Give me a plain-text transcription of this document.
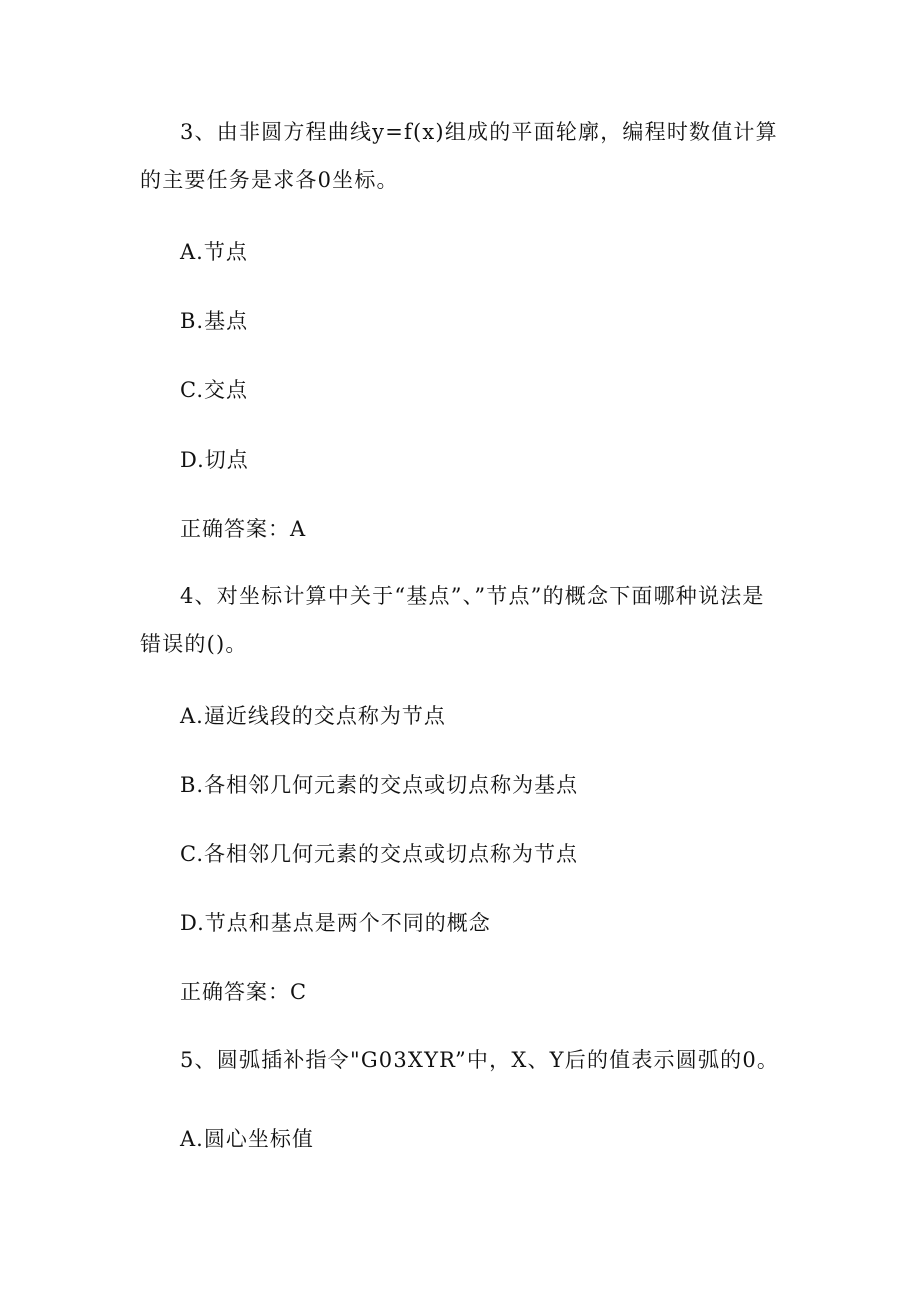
3、由非圆方程曲线y=f(x)组成的平面轮廓，编程时数值计算的主要任务是求各0坐标。
A.节点
B.基点
C.交点
D.切点
正确答案：A
4、对坐标计算中关于“基点”、”节点”的概念下面哪种说法是错误的()。
A.逼近线段的交点称为节点
B.各相邻几何元素的交点或切点称为基点
C.各相邻几何元素的交点或切点称为节点
D.节点和基点是两个不同的概念
正确答案：C
5、圆弧插补指令"G03XYR”中，X、Y后的值表示圆弧的0。
A.圆心坐标值
